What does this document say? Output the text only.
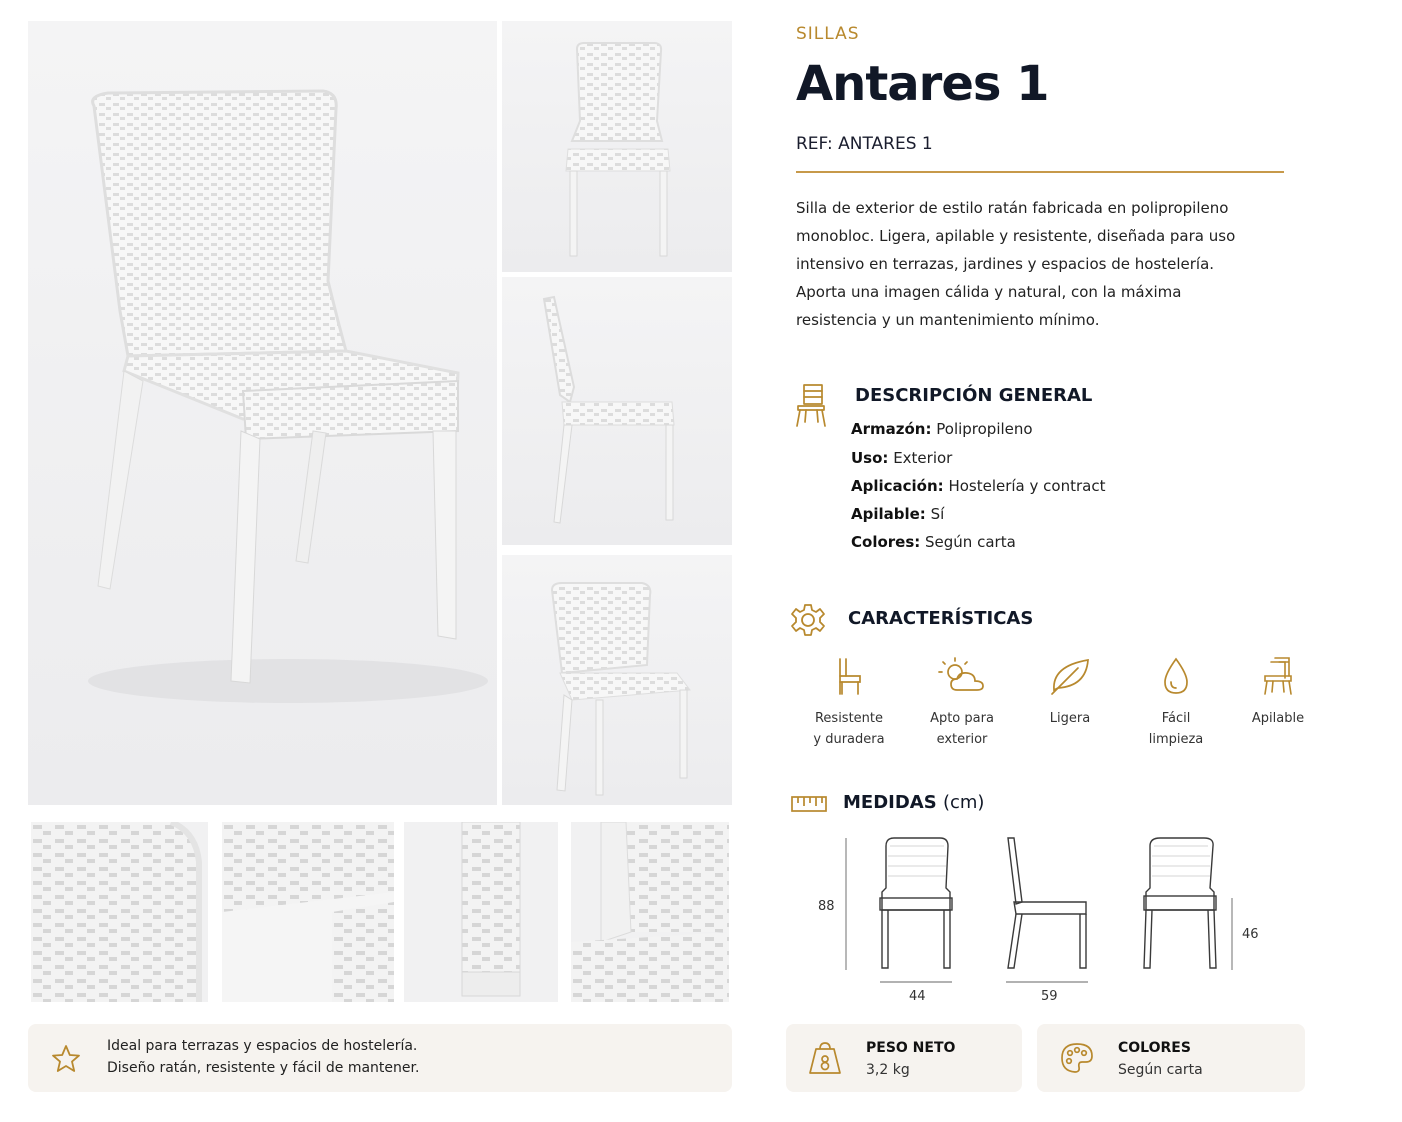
Ideal para terrazas y espacios de hostelería.
Diseño ratán, resistente y fácil de mantener.
SILLAS
Antares 1
REF: ANTARES 1
Silla de exterior de estilo ratán fabricada en polipropileno
monobloc. Ligera, apilable y resistente, diseñada para uso
intensivo en terrazas, jardines y espacios de hostelería.
Aporta una imagen cálida y natural, con la máxima
resistencia y un mantenimiento mínimo.
DESCRIPCIÓN GENERAL
Armazón: Polipropileno
Uso: Exterior
Aplicación: Hostelería y contract
Apilable: Sí
Colores: Según carta
CARACTERÍSTICAS
Resistente
y duradera
Apto para
exterior
Ligera	Fácil
limpieza
Apilable
MEDIDAS (cm)
88
44	59
46
PESO NETO
3,2 kg
COLORES
Según carta
